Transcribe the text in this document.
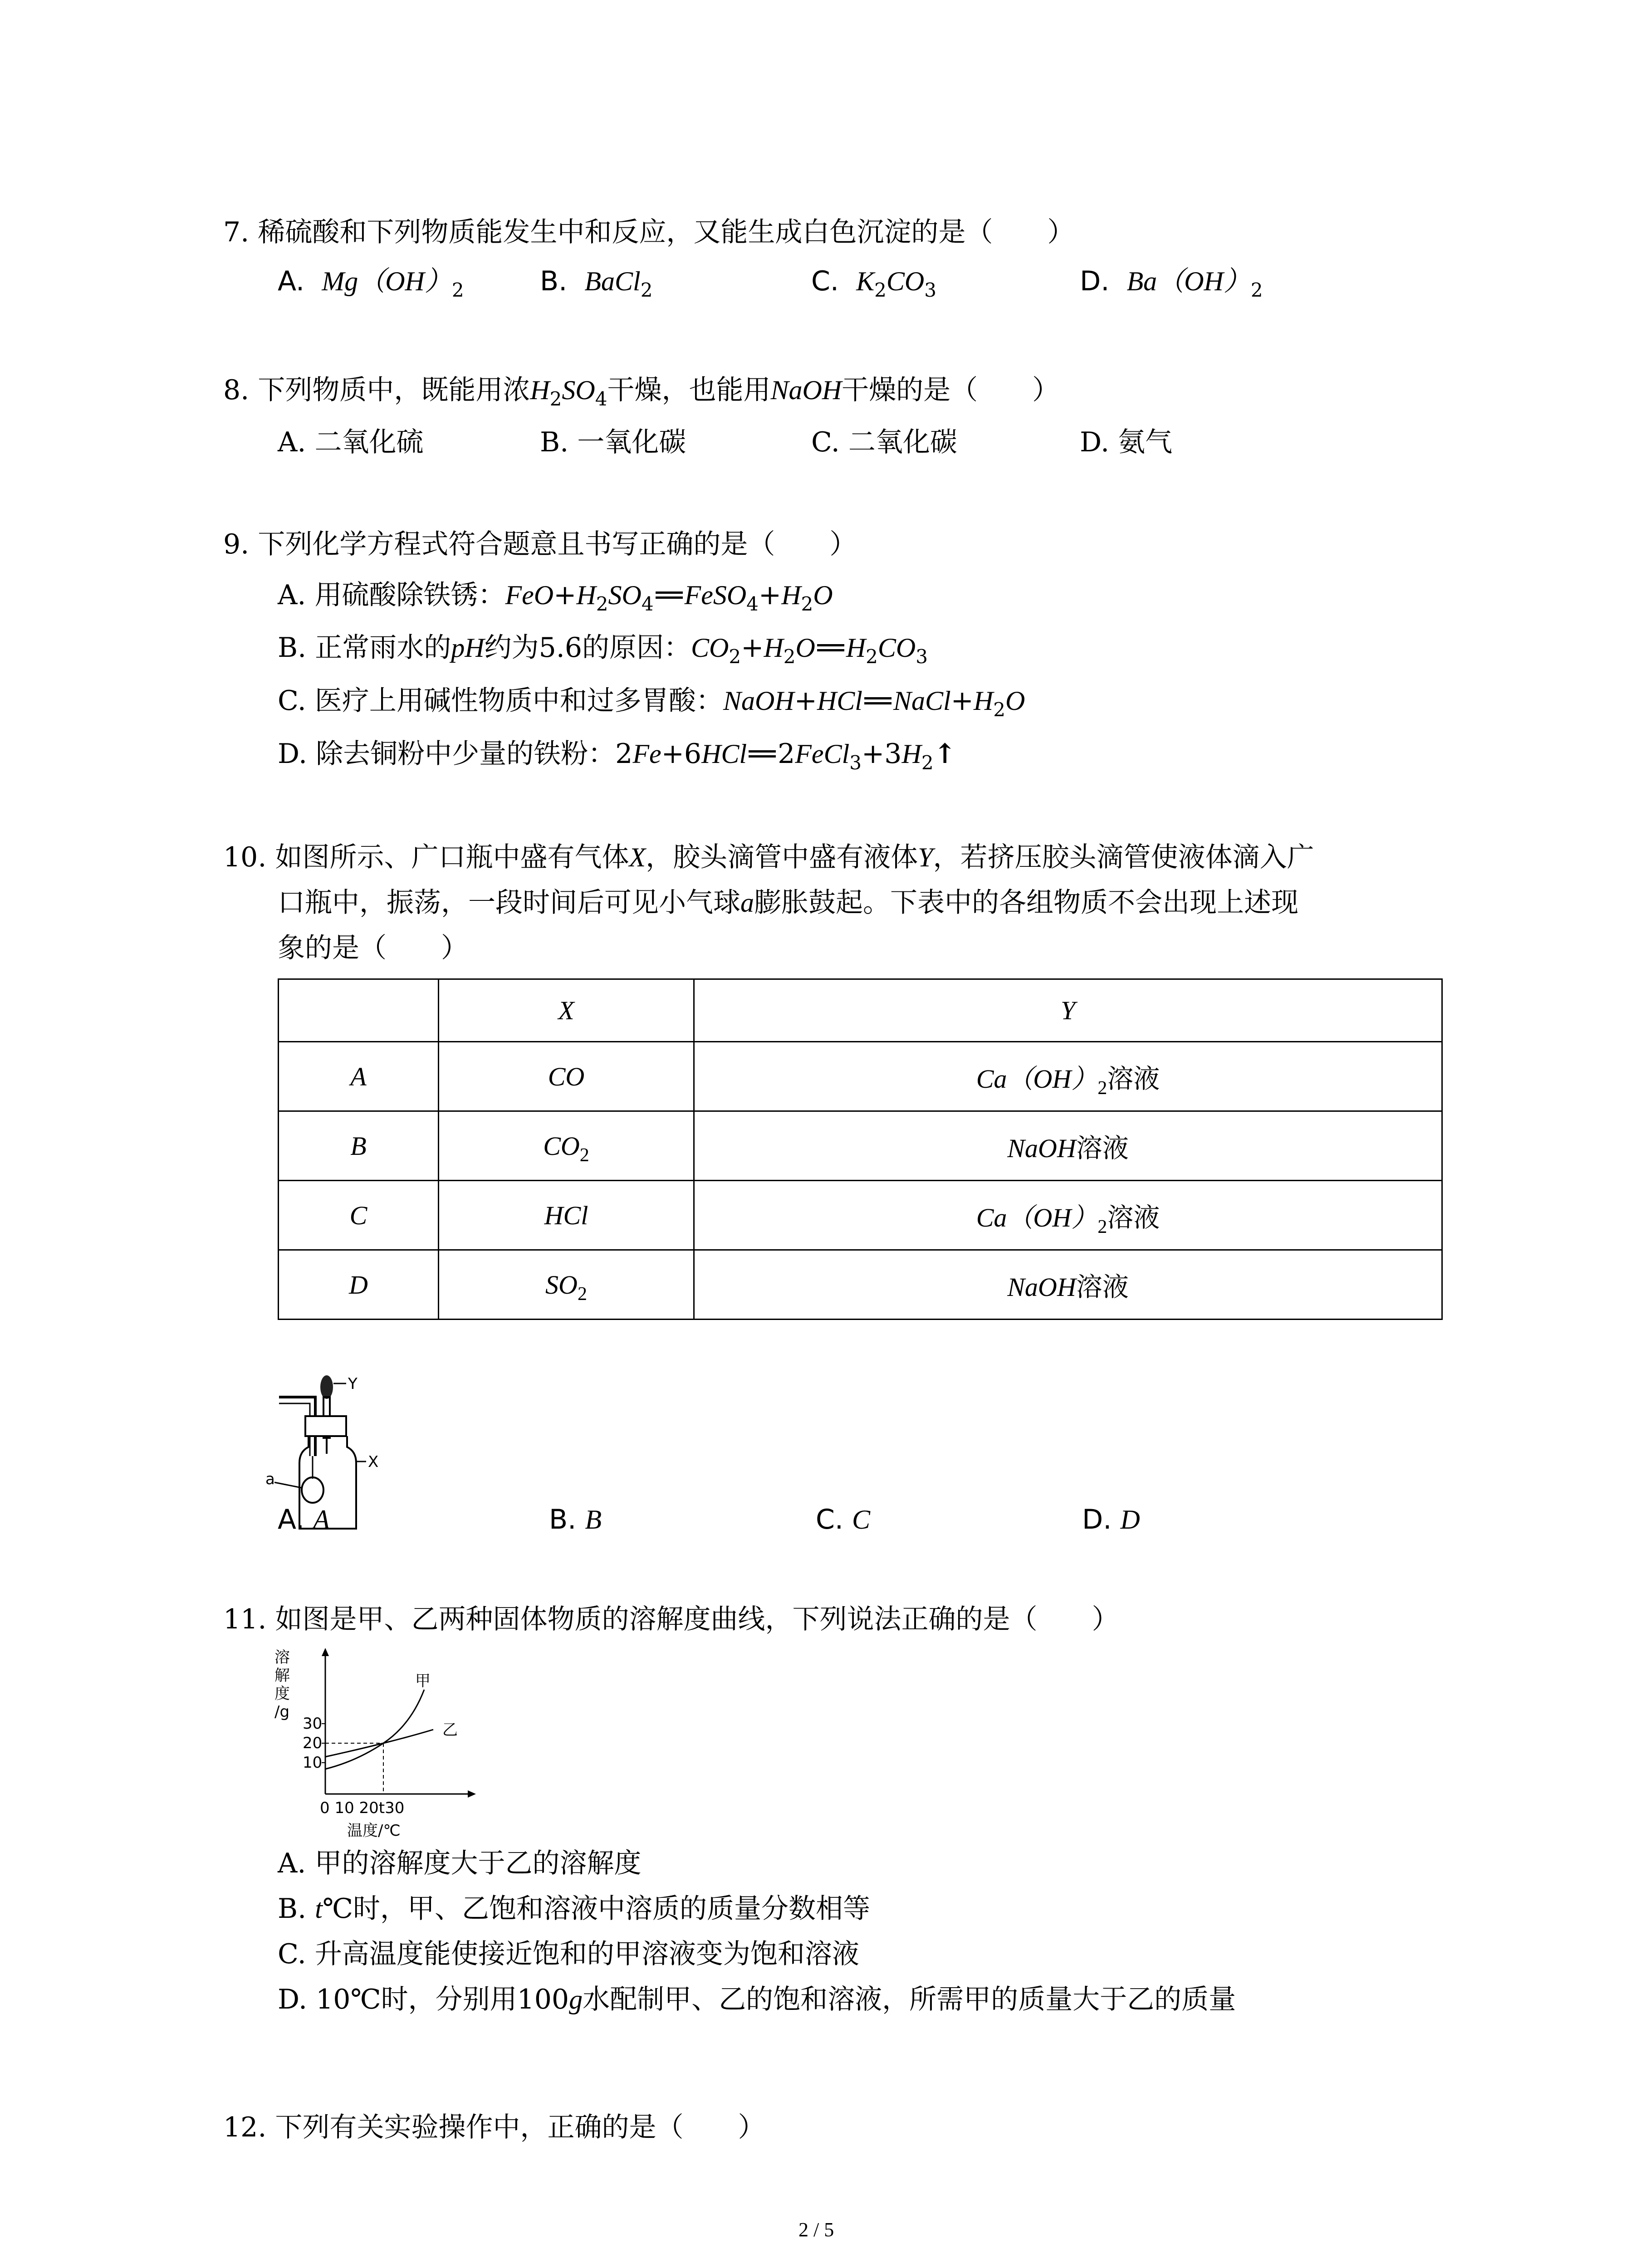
7. 稀硫酸和下列物质能发生中和反应，又能生成白色沉淀的是（　　）
A. $Mg(OH)_2$	B. BaCl$_2$	C. $K_2CO_3$	D. $Ba(OH)_2$
8. 下列物质中，既能用浓$H_2SO_4$干燥，也能用NaOH干燥的是（　　）
A. 二氧化硫	B. 一氧化碳	C. 二氧化碳	D. 氨气
9. 下列化学方程式符合题意且书写正确的是（　　）
A. 用硫酸除铁锈：$FeO+H_2SO_4$ $FeSO_4+H_2O$
B. 正常雨水的pH约为5.6的原因：$CO_2+H_2O$ $H_2CO_3$
C. 医疗上用碱性物质中和过多胃酸：NaOH+HCl $NaCl+H_2O$
D. 除去铜粉中少量的铁粉：2Fe+6HCl $2FeCl_3+3H_2↑$
10. 如图所示、广口瓶中盛有气体X，胶头滴管中盛有液体Y，若挤压胶头滴管使液体滴入广
口瓶中，振荡，一段时间后可见小气球a膨胀鼓起。下表中的各组物质不会出现上述现
象的是（　　）
	X	Y
A	CO	$Ca(OH)_2$溶液
B	$CO_2$	NaOH溶液
C	HCl	$Ca(OH)_2$溶液
D	$SO_2$	NaOH溶液
Y
X
a
A. A	B. B	C. C	D. D
11. 如图是甲、乙两种固体物质的溶解度曲线，下列说法正确的是（　　）
溶
解
度
/g
30
20
10
甲
乙
0 10 20t30
温度/℃
A. 甲的溶解度大于乙的溶解度
B. t℃时，甲、乙饱和溶液中溶质的质量分数相等
C. 升高温度能使接近饱和的甲溶液变为饱和溶液
D. 10℃时，分别用100g水配制甲、乙的饱和溶液，所需甲的质量大于乙的质量
12. 下列有关实验操作中，正确的是（　　）
2 / 5
